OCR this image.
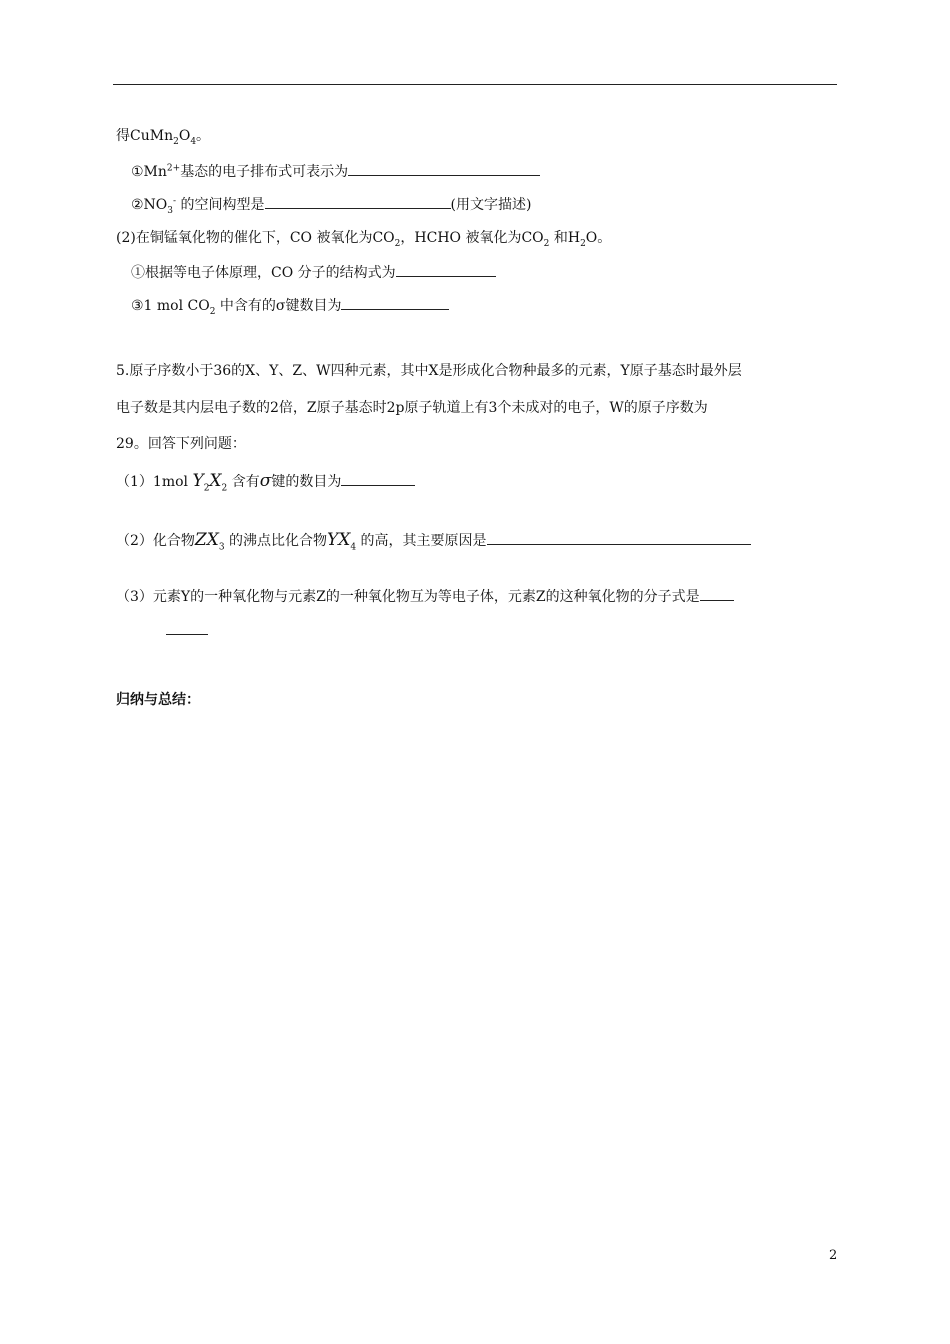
得$CuMn_2O_4$。
$①Mn^{2+}$基态的电子排布式可表示为
$②NO_3^-$ 的空间构型是	(用文字描述)
(2)在铜锰氧化物的催化下，CO 被氧化为$CO_2$，HCHO 被氧化为$CO_2$ 和$H_2O$。
①根据等电子体原理，CO 分子的结构式为
③1 mol $CO_2$ 中含有的σ键数目为
5.原子序数小于36的X、Y、Z、W四种元素，其中X是形成化合物种最多的元素，Y原子基态时最外层
电子数是其内层电子数的2倍，Z原子基态时2p原子轨道上有3个未成对的电子，W的原子序数为
29。回答下列问题：
（1）1mol $Y_2X_2$ 含有σ键的数目为
（2）化合物$ZX_3$ 的沸点比化合物$YX_4$ 的高，其主要原因是
（3）元素Y的一种氧化物与元素Z的一种氧化物互为等电子体，元素Z的这种氧化物的分子式是
归纳与总结：
2
